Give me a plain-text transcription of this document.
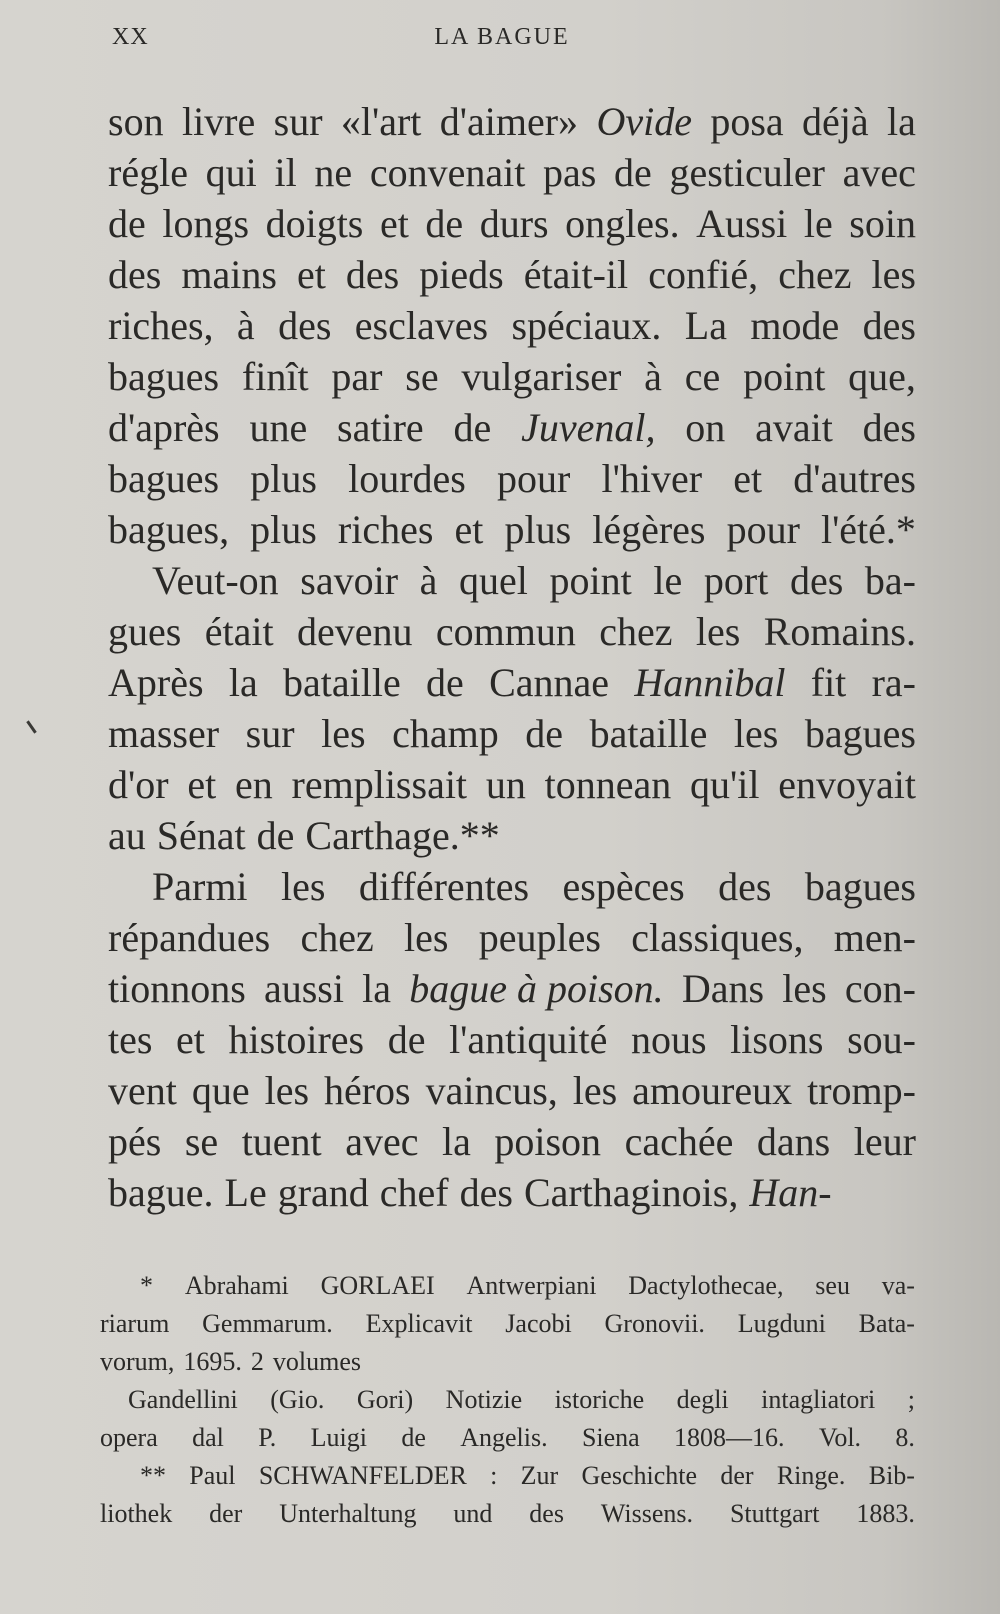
XX	LA BAGUE
son livre sur «l'art d'aimer» Ovide posa déjà la
régle qui il ne convenait pas de gesticuler avec
de longs doigts et de durs ongles. Aussi le soin
des mains et des pieds était-il confié, chez les
riches, à des esclaves spéciaux. La mode des
bagues finît par se vulgariser à ce point que,
d'après une satire de Juvenal, on avait des
bagues plus lourdes pour l'hiver et d'autres
bagues, plus riches et plus légères pour l'été.*
Veut-on savoir à quel point le port des ba-
gues était devenu commun chez les Romains.
Après la bataille de Cannae Hannibal fit ra-
masser sur les champ de bataille les bagues
d'or et en remplissait un tonnean qu'il envoyait
au Sénat de Carthage.**
Parmi les différentes espèces des bagues
répandues chez les peuples classiques, men-
tionnons aussi la bague à poison. Dans les con-
tes et histoires de l'antiquité nous lisons sou-
vent que les héros vaincus, les amoureux tromp-
pés se tuent avec la poison cachée dans leur
bague. Le grand chef des Carthaginois, Han-
* Abrahami GORLAEI Antwerpiani Dactylothecae, seu va-
riarum Gemmarum. Explicavit Jacobi Gronovii. Lugduni Bata-
vorum, 1695. 2 volumes
Gandellini (Gio. Gori) Notizie istoriche degli intagliatori ;
opera dal P. Luigi de Angelis. Siena 1808—16. Vol. 8.
** Paul SCHWANFELDER : Zur Geschichte der Ringe. Bib-
liothek der Unterhaltung und des Wissens. Stuttgart 1883.
